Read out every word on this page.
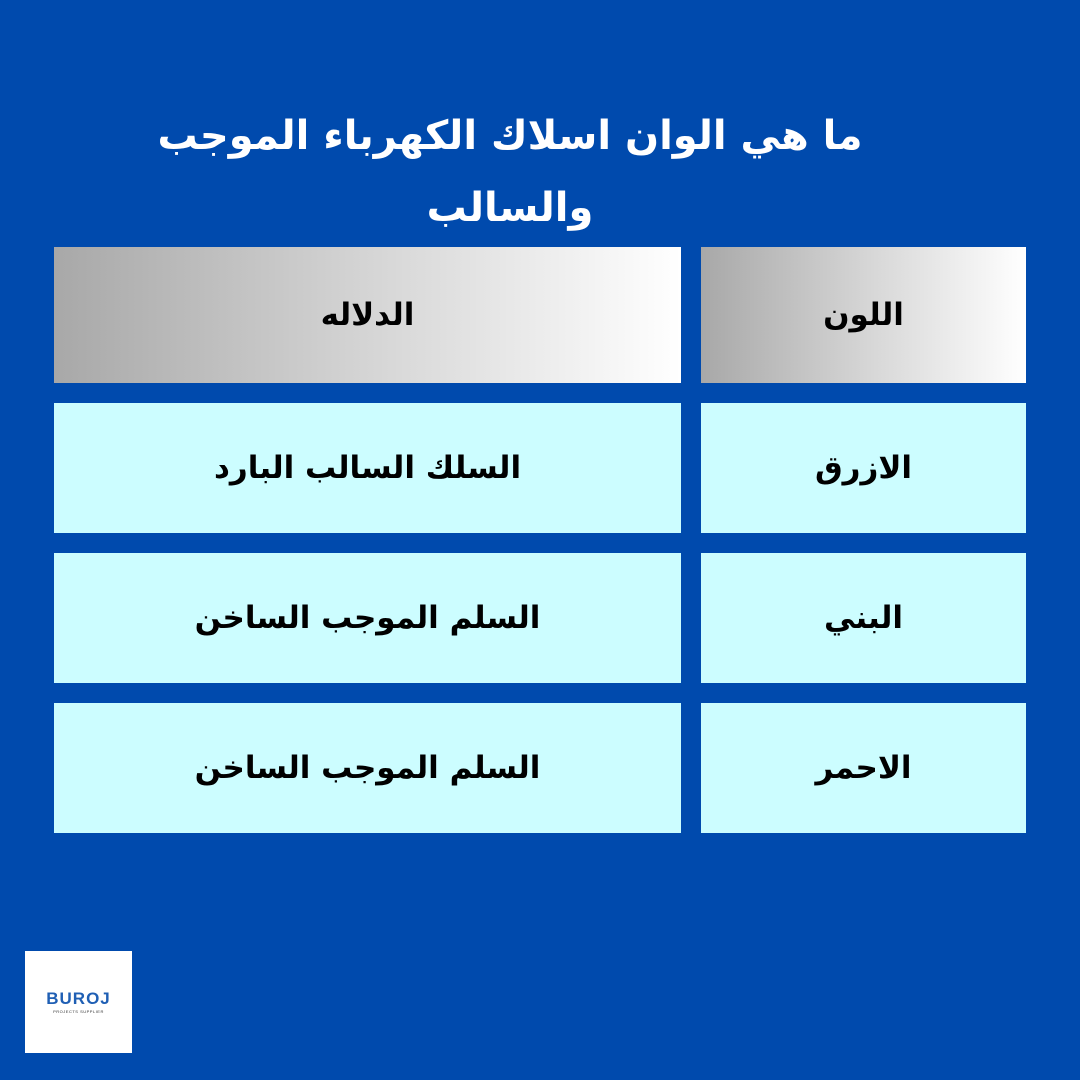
ما هي الوان اسلاك الكهرباء الموجب والسالب
الدلاله	اللون
السلك السالب البارد	الازرق
السلم الموجب الساخن	البني
السلم الموجب الساخن	الاحمر
BUROJ
PROJECTS SUPPLIER
